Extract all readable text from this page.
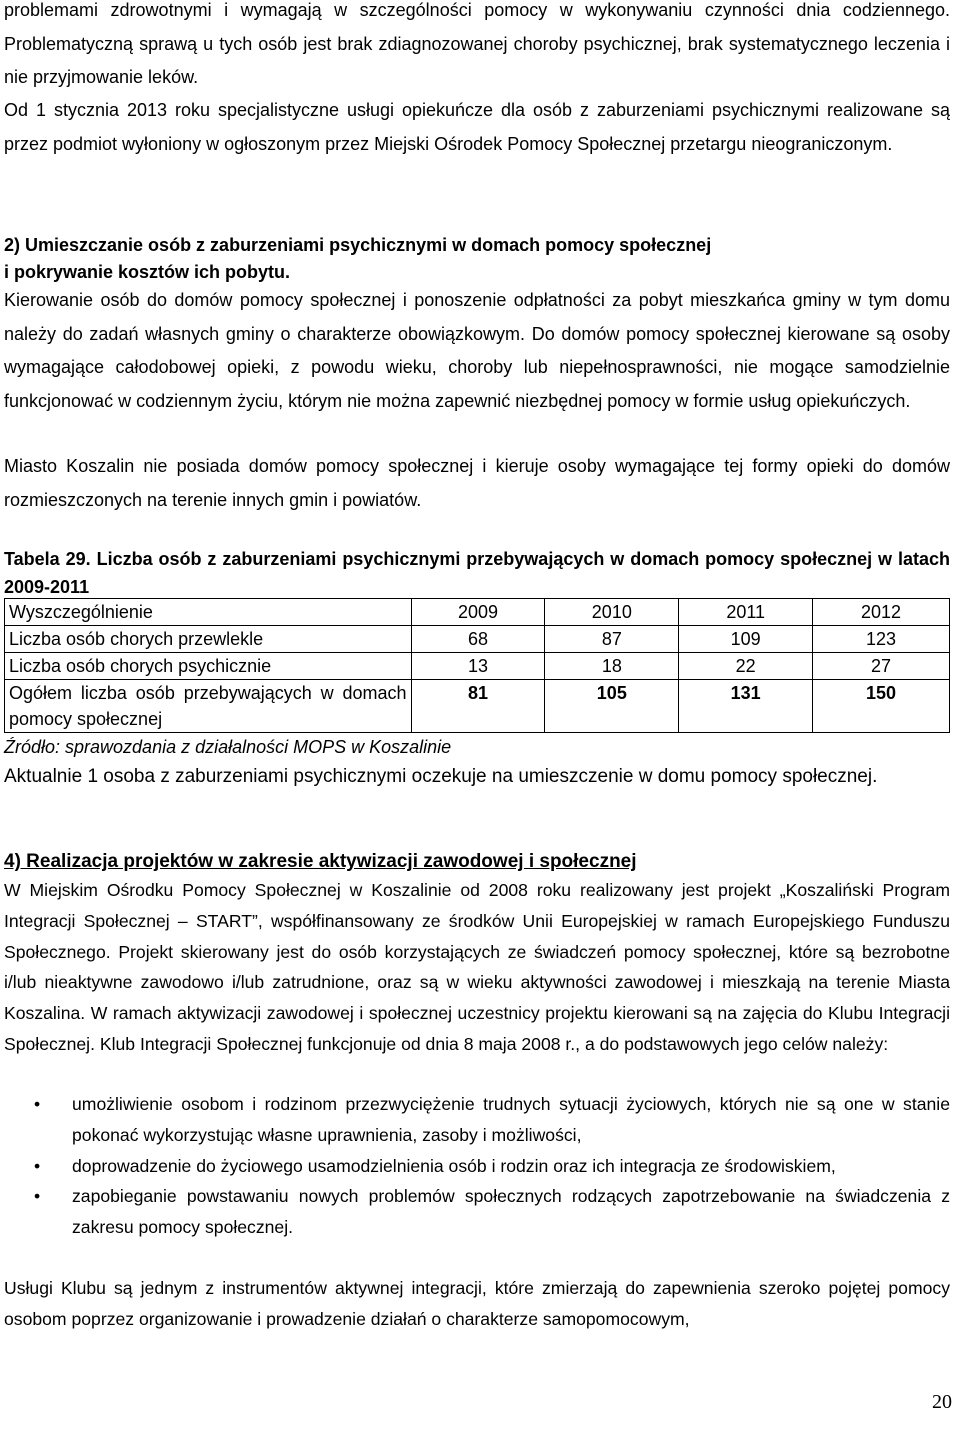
problemami zdrowotnymi i wymagają w szczególności pomocy w wykonywaniu czynności dnia codziennego. Problematyczną sprawą u tych osób jest brak zdiagnozowanej choroby psychicznej, brak systematycznego leczenia i nie przyjmowanie leków.

Od 1 stycznia 2013 roku specjalistyczne usługi opiekuńcze dla osób z zaburzeniami psychicznymi realizowane są przez podmiot wyłoniony w ogłoszonym przez Miejski Ośrodek Pomocy Społecznej przetargu nieograniczonym.

2) Umieszczanie osób z zaburzeniami psychicznymi w domach pomocy społecznej
i pokrywanie kosztów ich pobytu.

Kierowanie osób do domów pomocy społecznej i ponoszenie odpłatności za pobyt mieszkańca gminy w tym domu należy do zadań własnych gminy o charakterze obowiązkowym. Do domów pomocy społecznej kierowane są osoby wymagające całodobowej opieki, z powodu wieku, choroby lub niepełnosprawności, nie mogące samodzielnie funkcjonować w codziennym życiu, którym nie można zapewnić niezbędnej pomocy w formie usług opiekuńczych.

Miasto Koszalin nie posiada domów pomocy społecznej i kieruje osoby wymagające tej formy opieki do domów rozmieszczonych na terenie innych gmin i powiatów.

Tabela 29. Liczba osób z zaburzeniami psychicznymi przebywających w domach pomocy społecznej w latach 2009-2011

Wyszczególnienie	2009	2010	2011	2012
Liczba osób chorych przewlekle	68	87	109	123
Liczba osób chorych psychicznie	13	18	22	27
Ogółem liczba osób przebywających w domach pomocy społecznej	81	105	131	150

Źródło: sprawozdania z działalności MOPS w Koszalinie

Aktualnie 1 osoba z zaburzeniami psychicznymi oczekuje na umieszczenie w domu pomocy społecznej.

4) Realizacja projektów w zakresie aktywizacji zawodowej i społecznej

W Miejskim Ośrodku Pomocy Społecznej w Koszalinie od 2008 roku realizowany jest projekt „Koszaliński Program Integracji Społecznej – START”, współfinansowany ze środków Unii Europejskiej w ramach Europejskiego Funduszu Społecznego. Projekt skierowany jest do osób korzystających ze świadczeń pomocy społecznej, które są bezrobotne i/lub nieaktywne zawodowo i/lub zatrudnione, oraz są w wieku aktywności zawodowej i mieszkają na terenie Miasta Koszalina. W ramach aktywizacji zawodowej i społecznej uczestnicy projektu kierowani są na zajęcia do Klubu Integracji Społecznej. Klub Integracji Społecznej funkcjonuje od dnia 8 maja 2008 r., a do podstawowych jego celów należy:

• umożliwienie osobom i rodzinom przezwyciężenie trudnych sytuacji życiowych, których nie są one w stanie pokonać wykorzystując własne uprawnienia, zasoby i możliwości,
• doprowadzenie do życiowego usamodzielnienia osób i rodzin oraz ich integracja ze środowiskiem,
• zapobieganie powstawaniu nowych problemów społecznych rodzących zapotrzebowanie na świadczenia z zakresu pomocy społecznej.

Usługi Klubu są jednym z instrumentów aktywnej integracji, które zmierzają do zapewnienia szeroko pojętej pomocy osobom poprzez organizowanie i prowadzenie działań o charakterze samopomocowym,

20
